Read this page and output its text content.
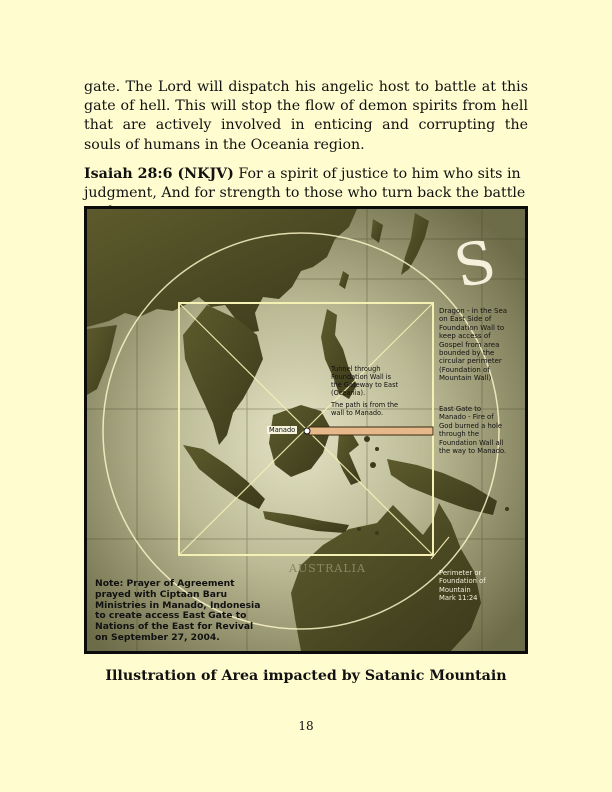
gate. The Lord will dispatch his angelic host to battle at this gate of hell. This will stop the flow of demon spirits from hell that are actively involved in enticing and corrupting the souls of humans in the Oceania region.

Isaiah 28:6 (NKJV) For a spirit of justice to him who sits in judgment, And for strength to those who turn back the battle

S
Dragon - in the Sea
on East Side of
Foundation Wall to
keep access of
Gospel from area
bounded by the
circular perimeter
(Foundation of
Mountain Wall)
Tunnel through
Foundation Wall is
the Gateway to East
(Oceania).
The path is from the
wall to Manado.	East Gate to
Manado - Fire of
God burned a hole
through the
Foundation Wall all
the way to Manado.
Manado
AUSTRALIA	Perimeter or
Foundation of
Mountain
Mark 11:24
Note: Prayer of Agreement
prayed with Ciptaan Baru
Ministries in Manado, Indonesia
to create access East Gate to
Nations of the East for Revival
on September 27, 2004.

Illustration of Area impacted by Satanic Mountain

18
